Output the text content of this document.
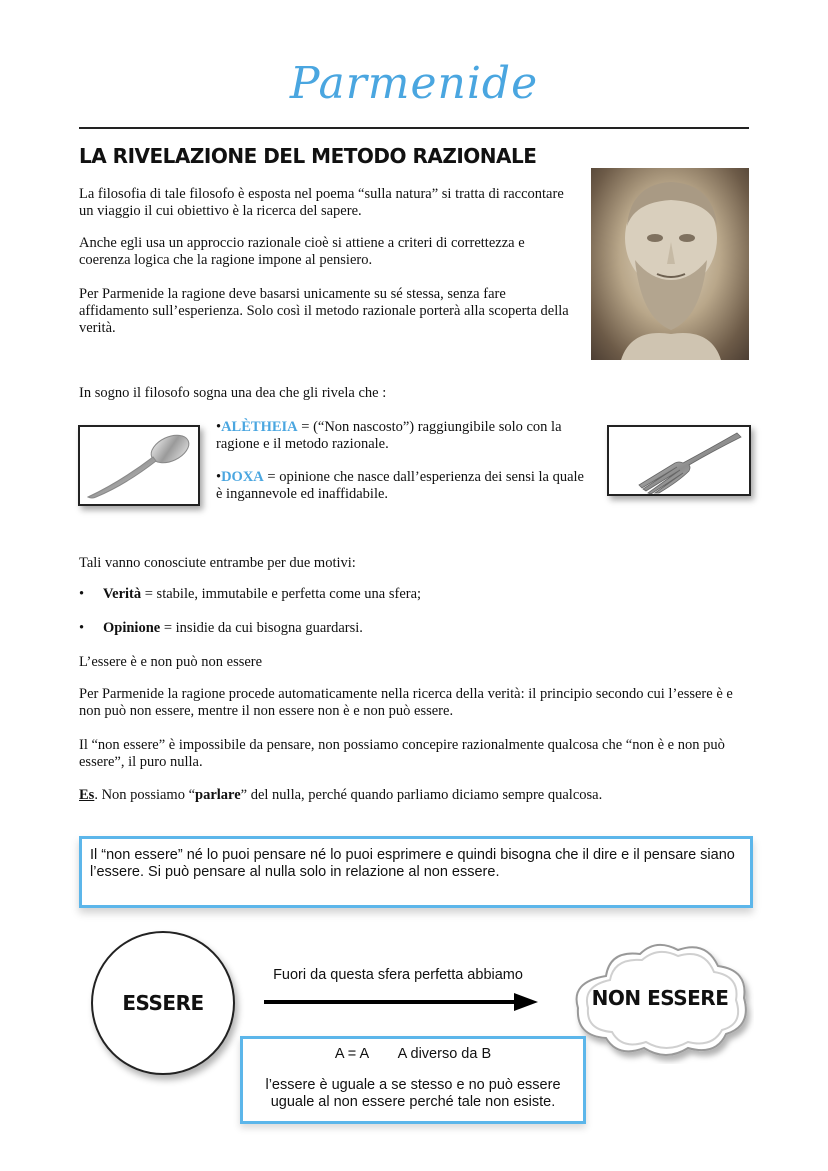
Parmenide
LA RIVELAZIONE DEL METODO RAZIONALE

La filosofia di tale filosofo è esposta nel poema “sulla natura” si tratta di raccontare un viaggio il cui obiettivo è la ricerca del sapere.

Anche egli usa un approccio razionale cioè si attiene a criteri di correttezza e coerenza logica che la ragione impone al pensiero.

Per Parmenide la ragione deve basarsi unicamente su sé stessa, senza fare affidamento sull’esperienza. Solo così il metodo razionale porterà alla scoperta della verità.

In sogno il filosofo sogna una dea che gli rivela che :

•ALÈTHEIA = (“Non nascosto”) raggiungibile solo con la ragione e il metodo razionale.

•DOXA = opinione che nasce dall’esperienza dei sensi la quale è ingannevole ed inaffidabile.

Tali vanno conosciute entrambe per due motivi:

• Verità = stabile, immutabile e perfetta come una sfera;
• Opinione = insidie da cui bisogna guardarsi.

L’essere è e non può non essere

Per Parmenide la ragione procede automaticamente nella ricerca della verità: il principio secondo cui l’essere è e non può non essere, mentre il non essere non è e non può essere.

Il “non essere” è impossibile da pensare, non possiamo concepire razionalmente qualcosa che “non è e non può essere”, il puro nulla.

Es. Non possiamo “parlare” del nulla, perché quando parliamo diciamo sempre qualcosa.

Il “non essere” né lo puoi pensare né lo puoi esprimere e quindi bisogna che il dire e il pensare siano l’essere. Si può pensare al nulla solo in relazione al non essere.

ESSERE
Fuori da questa sfera perfetta abbiamo
NON ESSERE
A = A A diverso da B
l’essere è uguale a se stesso e no può essere uguale al non essere perché tale non esiste.
